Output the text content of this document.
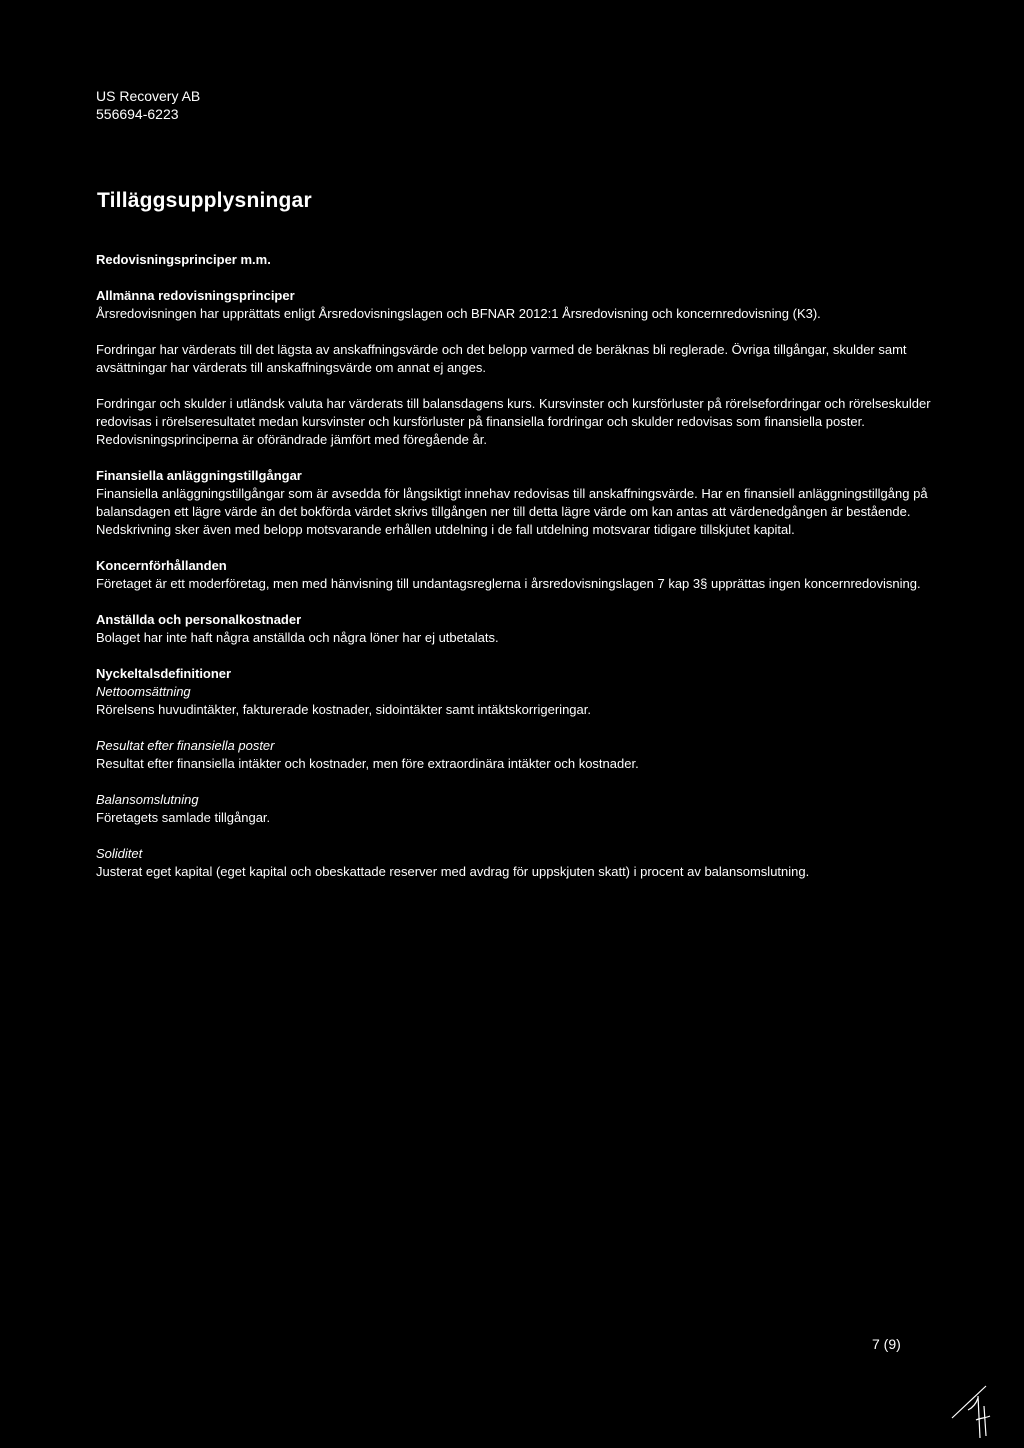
US Recovery AB
556694-6223
Tilläggsupplysningar

Redovisningsprinciper m.m.

Allmänna redovisningsprinciper

Årsredovisningen har upprättats enligt Årsredovisningslagen och BFNAR 2012:1 Årsredovisning och koncernredovisning (K3).

Fordringar har värderats till det lägsta av anskaffningsvärde och det belopp varmed de beräknas bli reglerade. Övriga tillgångar, skulder samt avsättningar har värderats till anskaffningsvärde om annat ej anges.

Fordringar och skulder i utländsk valuta har värderats till balansdagens kurs. Kursvinster och kursförluster på rörelsefordringar och rörelseskulder redovisas i rörelseresultatet medan kursvinster och kursförluster på finansiella fordringar och skulder redovisas som finansiella poster.

Redovisningsprinciperna är oförändrade jämfört med föregående år.

Finansiella anläggningstillgångar

Finansiella anläggningstillgångar som är avsedda för långsiktigt innehav redovisas till anskaffningsvärde. Har en finansiell anläggningstillgång på balansdagen ett lägre värde än det bokförda värdet skrivs tillgången ner till detta lägre värde om kan antas att värdenedgången är bestående. Nedskrivning sker även med belopp motsvarande erhållen utdelning i de fall utdelning motsvarar tidigare tillskjutet kapital.

Koncernförhållanden

Företaget är ett moderföretag, men med hänvisning till undantagsreglerna i årsredovisningslagen 7 kap 3§ upprättas ingen koncernredovisning.

Anställda och personalkostnader

Bolaget har inte haft några anställda och några löner har ej utbetalats.

Nyckeltalsdefinitioner

Nettoomsättning

Rörelsens huvudintäkter, fakturerade kostnader, sidointäkter samt intäktskorrigeringar.

Resultat efter finansiella poster

Resultat efter finansiella intäkter och kostnader, men före extraordinära intäkter och kostnader.

Balansomslutning

Företagets samlade tillgångar.

Soliditet

Justerat eget kapital (eget kapital och obeskattade reserver med avdrag för uppskjuten skatt) i procent av balansomslutning.

7 (9)
